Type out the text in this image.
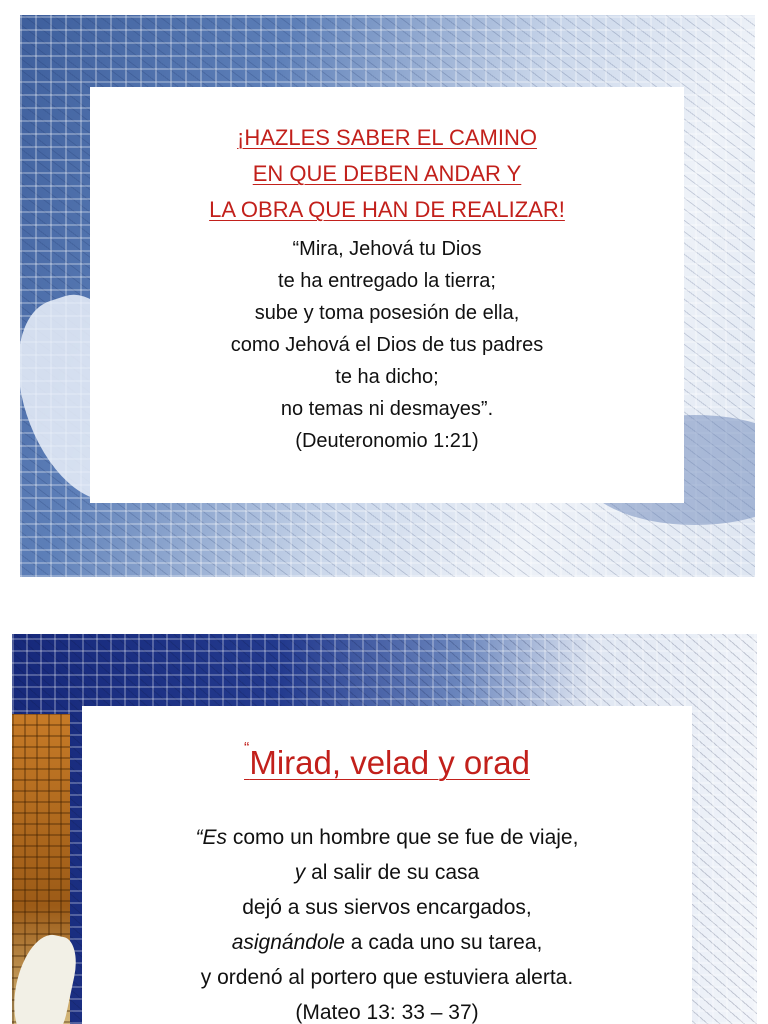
¡HAZLES SABER EL CAMINO
EN QUE DEBEN ANDAR Y
LA OBRA QUE HAN DE REALIZAR!
“Mira, Jehová tu Dios
te ha entregado la tierra;
sube y toma posesión de ella,
como Jehová el Dios de tus padres
te ha dicho;
no temas ni desmayes”.
(Deuteronomio 1:21)
“Mirad, velad y orad
“Es como un hombre que se fue de viaje,
y al salir de su casa
dejó a sus siervos encargados,
asignándole a cada uno su tarea,
y ordenó al portero que estuviera alerta.
(Mateo 13: 33 – 37)
